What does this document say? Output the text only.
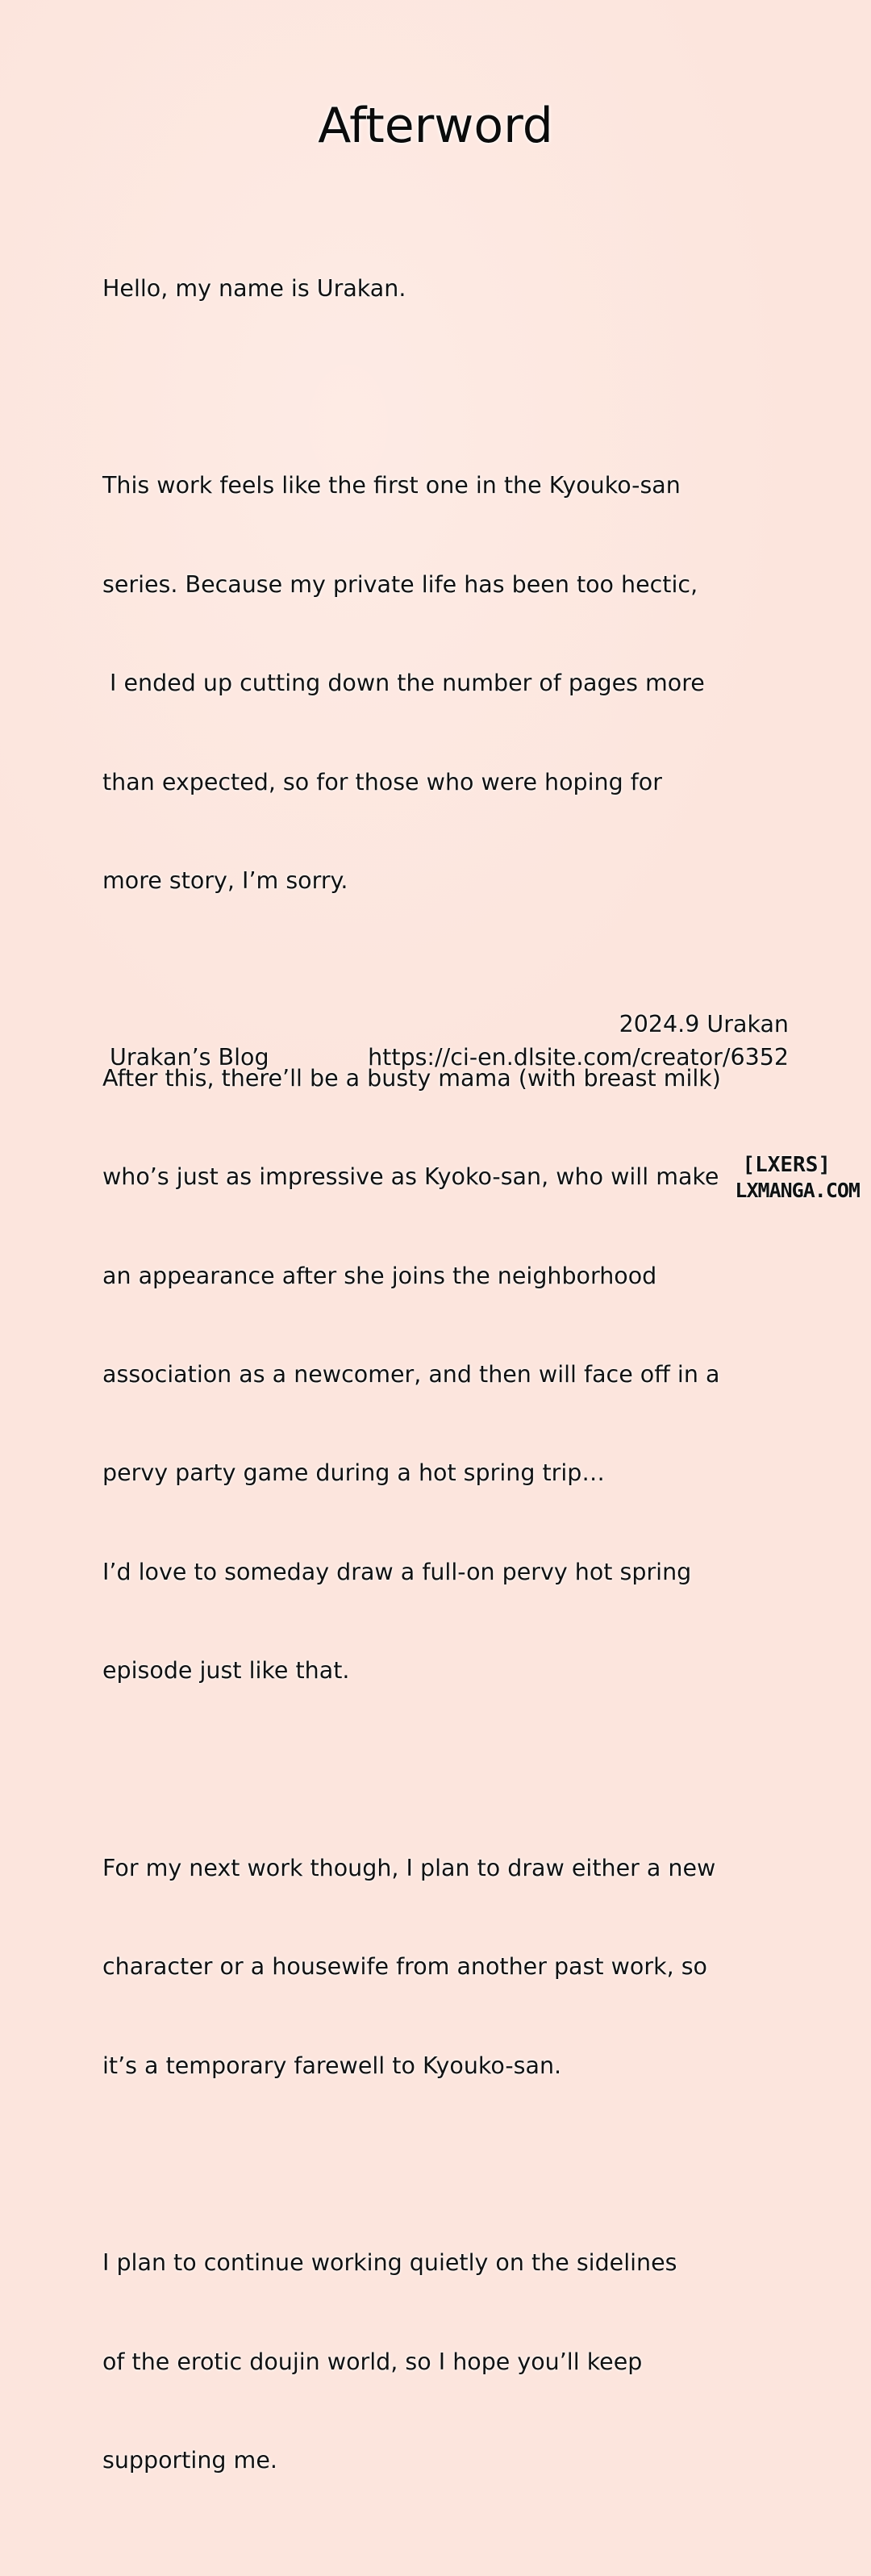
Afterword

Hello, my name is Urakan.

This work feels like the first one in the Kyouko-san

series. Because my private life has been too hectic,

I ended up cutting down the number of pages more

than expected, so for those who were hoping for

more story, I’m sorry.

After this, there’ll be a busty mama (with breast milk)

who’s just as impressive as Kyoko-san, who will make

an appearance after she joins the neighborhood

association as a newcomer, and then will face off in a

pervy party game during a hot spring trip…

I’d love to someday draw a full-on pervy hot spring

episode just like that.

For my next work though, I plan to draw either a new

character or a housewife from another past work, so

it’s a temporary farewell to Kyouko-san.

I plan to continue working quietly on the sidelines

of the erotic doujin world, so I hope you’ll keep

supporting me.

2024.9 Urakan
Urakan’s Blog	https://ci-en.dlsite.com/creator/6352
[LXERS]
LXMANGA.COM
